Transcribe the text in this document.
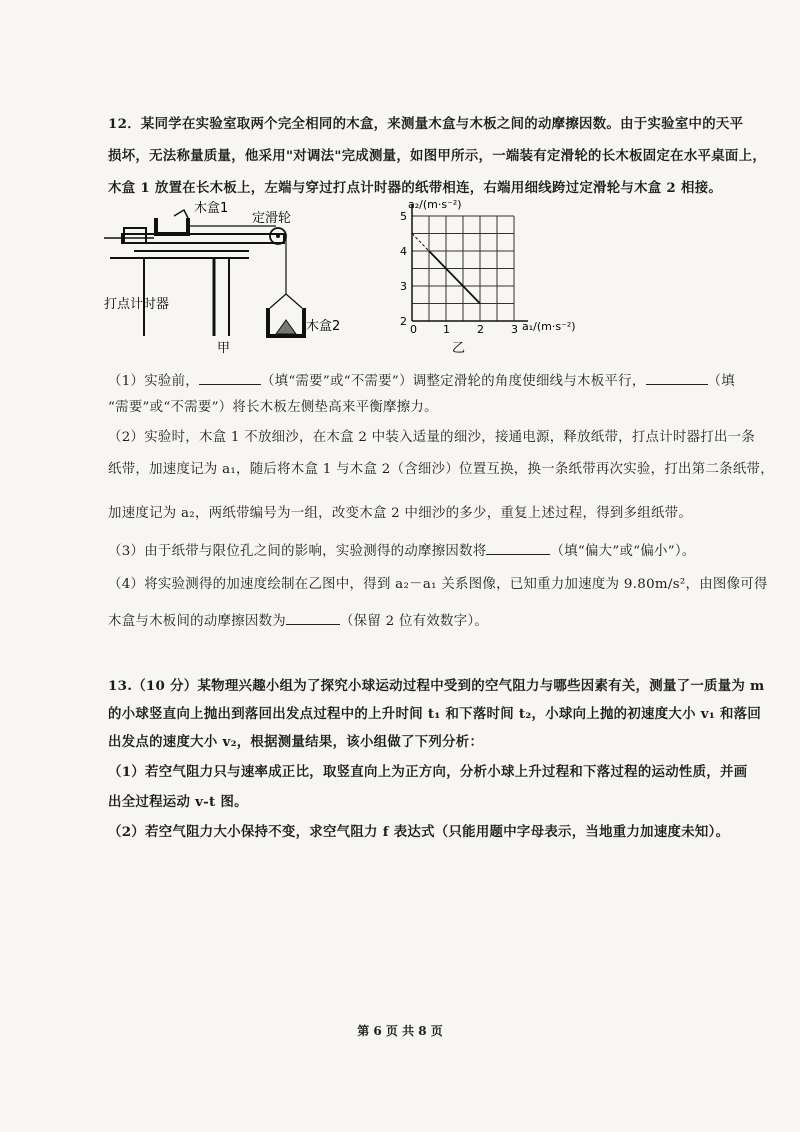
12．某同学在实验室取两个完全相同的木盒，来测量木盒与木板之间的动摩擦因数。由于实验室中的天平
损坏，无法称量质量，他采用"对调法"完成测量，如图甲所示，一端装有定滑轮的长木板固定在水平桌面上，
木盒 1 放置在长木板上，左端与穿过打点计时器的纸带相连，右端用细线跨过定滑轮与木盒 2 相接。
木盒1
定滑轮
打点计时器
木盒2
甲
0 1 2 3
2
3
4
5
a₂/(m·s⁻²)
a₁/(m·s⁻²)
乙
（1）实验前，	（填“需要”或“不需要”）调整定滑轮的角度使细线与木板平行，	（填
“需要”或“不需要”）将长木板左侧垫高来平衡摩擦力。
（2）实验时，木盒 1 不放细沙，在木盒 2 中装入适量的细沙，接通电源，释放纸带，打点计时器打出一条
纸带，加速度记为 a₁，随后将木盒 1 与木盒 2（含细沙）位置互换，换一条纸带再次实验，打出第二条纸带，
加速度记为 a₂，两纸带编号为一组，改变木盒 2 中细沙的多少，重复上述过程，得到多组纸带。
（3）由于纸带与限位孔之间的影响，实验测得的动摩擦因数将	（填“偏大”或“偏小”）。
（4）将实验测得的加速度绘制在乙图中，得到 a₂－a₁ 关系图像，已知重力加速度为 9.80m/s²，由图像可得
木盒与木板间的动摩擦因数为	（保留 2 位有效数字）。
13.（10 分）某物理兴趣小组为了探究小球运动过程中受到的空气阻力与哪些因素有关，测量了一质量为 m
的小球竖直向上抛出到落回出发点过程中的上升时间 t₁ 和下落时间 t₂，小球向上抛的初速度大小 v₁ 和落回
出发点的速度大小 v₂，根据测量结果，该小组做了下列分析：
（1）若空气阻力只与速率成正比，取竖直向上为正方向，分析小球上升过程和下落过程的运动性质，并画
出全过程运动 v-t 图。
（2）若空气阻力大小保持不变，求空气阻力 f 表达式（只能用题中字母表示，当地重力加速度未知）。
第 6 页 共 8 页
